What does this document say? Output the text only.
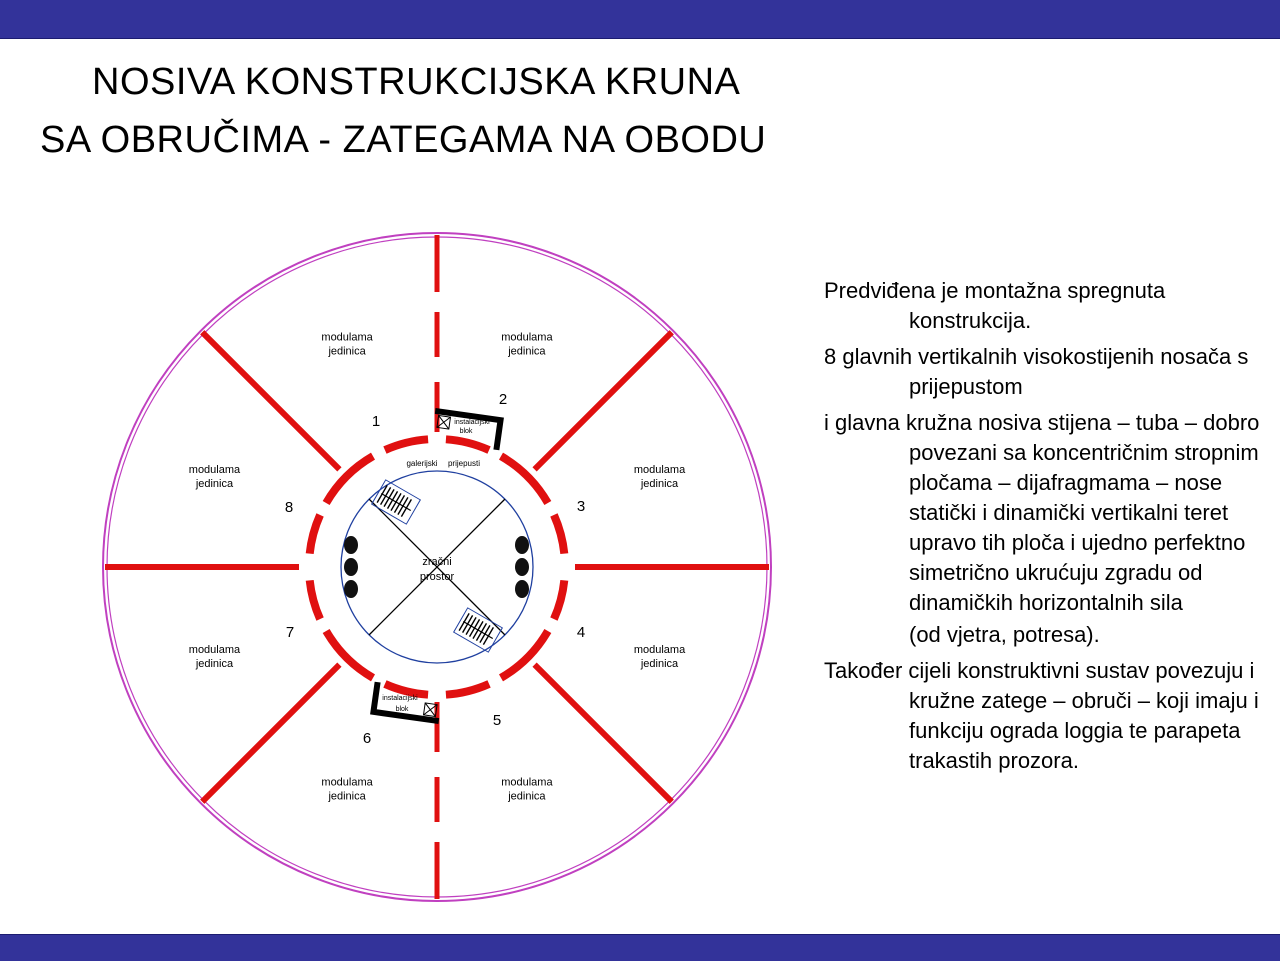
NOSIVA KONSTRUKCIJSKA KRUNA
SA OBRUČIMA - ZATEGAMA NA OBODU
modulama
jedinica
modulama
jedinica
modulama
jedinica
modulama
jedinica
modulama
jedinica
modulama
jedinica
modulama
jedinica
modulama
jedinica
1
2
3
4
5
6
7
8
zračni
prostor
galerijski prijepusti
instalacijski
blok
instalacijski
blok

Predviđena je montažna spregnuta konstrukcija.

8 glavnih vertikalnih visokostijenih nosača s prijepustom

i glavna kružna nosiva stijena – tuba – dobro povezani sa koncentričnim stropnim pločama – dijafragmama – nose statički i dinamički vertikalni teret upravo tih ploča i ujedno perfektno simetrično ukrućuju zgradu od dinamičkih horizontalnih sila

(od vjetra, potresa).

Također cijeli konstruktivni sustav povezuju i kružne zatege – obruči – koji imaju i funkciju ograda loggia te parapeta trakastih prozora.
